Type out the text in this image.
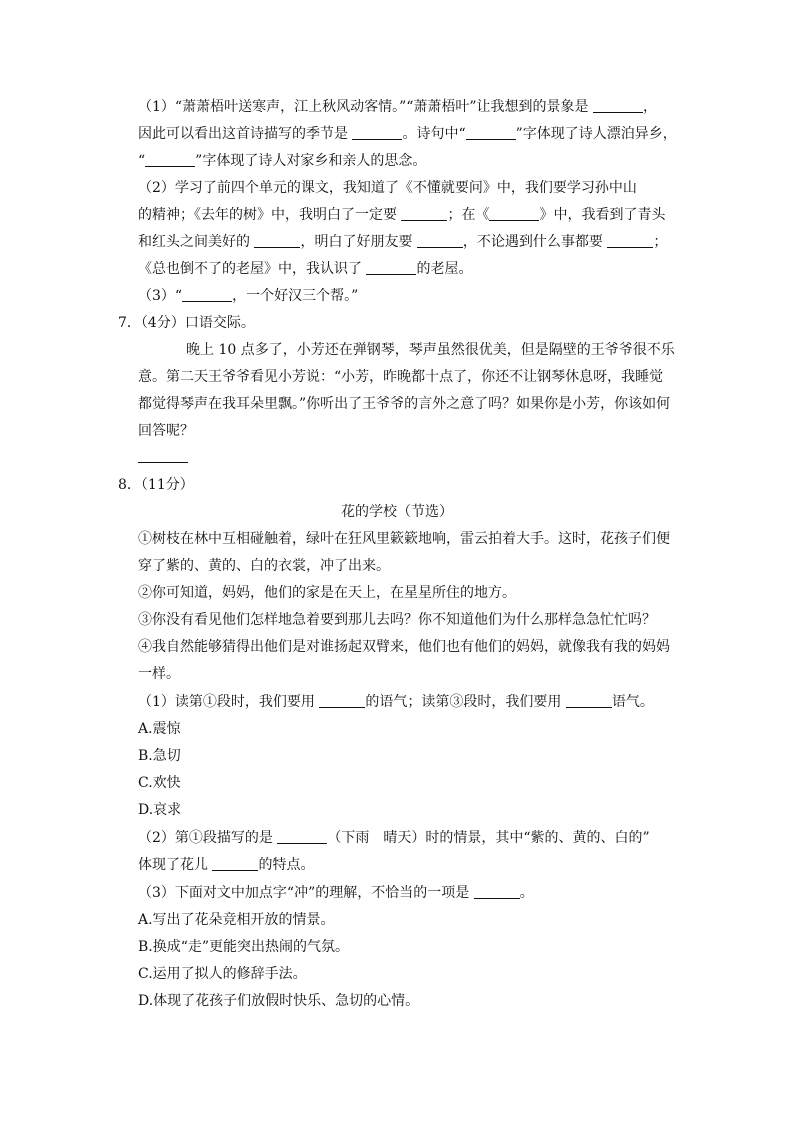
（1）“萧萧梧叶送寒声，江上秋风动客情。”“萧萧梧叶”让我想到的景象是	，
因此可以看出这首诗描写的季节是	。诗句中“	”字体现了诗人漂泊异乡，
“	”字体现了诗人对家乡和亲人的思念。
（2）学习了前四个单元的课文，我知道了《不懂就要问》中，我们要学习孙中山
的精神；《去年的树》中，我明白了一定要	；在《	》中，我看到了青头
和红头之间美好的	，明白了好朋友要	，不论遇到什么事都要	；
《总也倒不了的老屋》中，我认识了	的老屋。
（3）“	，一个好汉三个帮。”
7．（4分）口语交际。
晚上 10 点多了，小芳还在弹钢琴，琴声虽然很优美，但是隔壁的王爷爷很不乐
意。第二天王爷爷看见小芳说：“小芳，昨晚都十点了，你还不让钢琴休息呀，我睡觉
都觉得琴声在我耳朵里飘。”你听出了王爷爷的言外之意了吗？如果你是小芳，你该如何
回答呢？
8．（11分）
花的学校（节选）
①树枝在林中互相碰触着，绿叶在狂风里簌簌地响，雷云拍着大手。这时，花孩子们便
穿了紫的、黄的、白的衣裳，冲了出来。
②你可知道，妈妈，他们的家是在天上，在星星所住的地方。
③你没有看见他们怎样地急着要到那儿去吗？你不知道他们为什么那样急急忙忙吗？
④我自然能够猜得出他们是对谁扬起双臂来，他们也有他们的妈妈，就像我有我的妈妈
一样。
（1）读第①段时，我们要用	的语气；读第③段时，我们要用	语气。
A.震惊
B.急切
C.欢快
D.哀求
（2）第①段描写的是	（下雨　晴天）时的情景，其中“紫的、黄的、白的”
体现了花儿	的特点。
（3）下面对文中加点字“冲”的理解，不恰当的一项是	。
A.写出了花朵竞相开放的情景。
B.换成“走”更能突出热闹的气氛。
C.运用了拟人的修辞手法。
D.体现了花孩子们放假时快乐、急切的心情。
